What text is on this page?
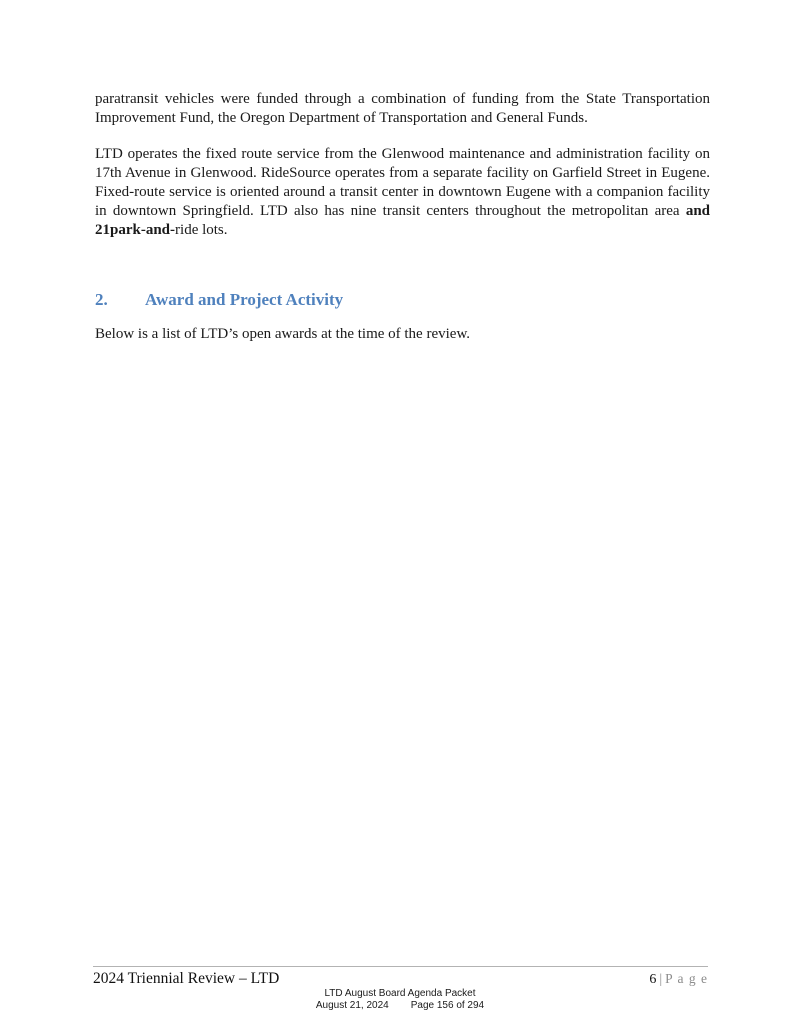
paratransit vehicles were funded through a combination of funding from the State Transportation Improvement Fund, the Oregon Department of Transportation and General Funds.

LTD operates the fixed route service from the Glenwood maintenance and administration facility on 17th Avenue in Glenwood. RideSource operates from a separate facility on Garfield Street in Eugene. Fixed-route service is oriented around a transit center in downtown Eugene with a companion facility in downtown Springfield. LTD also has nine transit centers throughout the metropolitan area and 21park-and-ride lots.

2.	Award and Project Activity

Below is a list of LTD’s open awards at the time of the review.

2024 Triennial Review – LTD	6 | P a g e
LTD August Board Agenda Packet
August 21, 2024 Page 156 of 294
